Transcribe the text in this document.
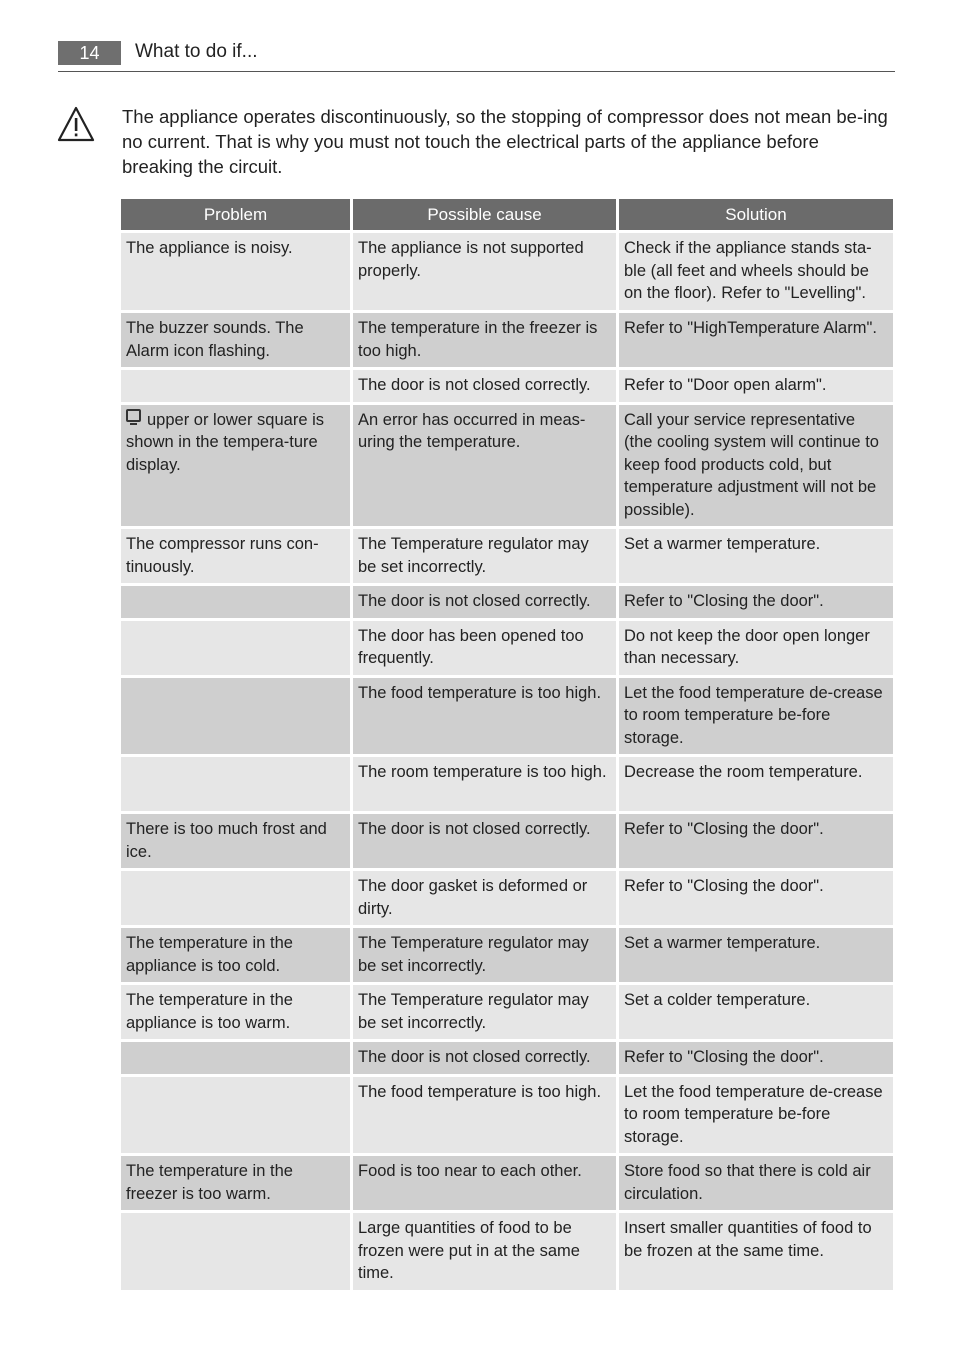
14	What to do if...
The appliance operates discontinuously, so the stopping of compressor does not mean be-ing no current. That is why you must not touch the electrical parts of the appliance before breaking the circuit.
Problem	Possible cause	Solution
The appliance is noisy.	The appliance is not supported properly.	Check if the appliance stands sta-ble (all feet and wheels should be on the floor). Refer to "Levelling".
The buzzer sounds. The Alarm icon flashing.	The temperature in the freezer is too high.	Refer to "HighTemperature Alarm".
	The door is not closed correctly.	Refer to "Door open alarm".
upper or lower square is shown in the tempera-ture display.	An error has occurred in meas-uring the temperature.	Call your service representative (the cooling system will continue to keep food products cold, but temperature adjustment will not be possible).
The compressor runs con-tinuously.	The Temperature regulator may be set incorrectly.	Set a warmer temperature.
	The door is not closed correctly.	Refer to "Closing the door".
	The door has been opened too frequently.	Do not keep the door open longer than necessary.
	The food temperature is too high.	Let the food temperature de-crease to room temperature be-fore storage.
	The room temperature is too high.	Decrease the room temperature.
There is too much frost and ice.	The door is not closed correctly.	Refer to "Closing the door".
	The door gasket is deformed or dirty.	Refer to "Closing the door".
The temperature in the appliance is too cold.	The Temperature regulator may be set incorrectly.	Set a warmer temperature.
The temperature in the appliance is too warm.	The Temperature regulator may be set incorrectly.	Set a colder temperature.
	The door is not closed correctly.	Refer to "Closing the door".
	The food temperature is too high.	Let the food temperature de-crease to room temperature be-fore storage.
The temperature in the freezer is too warm.	Food is too near to each other.	Store food so that there is cold air circulation.
	Large quantities of food to be frozen were put in at the same time.	Insert smaller quantities of food to be frozen at the same time.
